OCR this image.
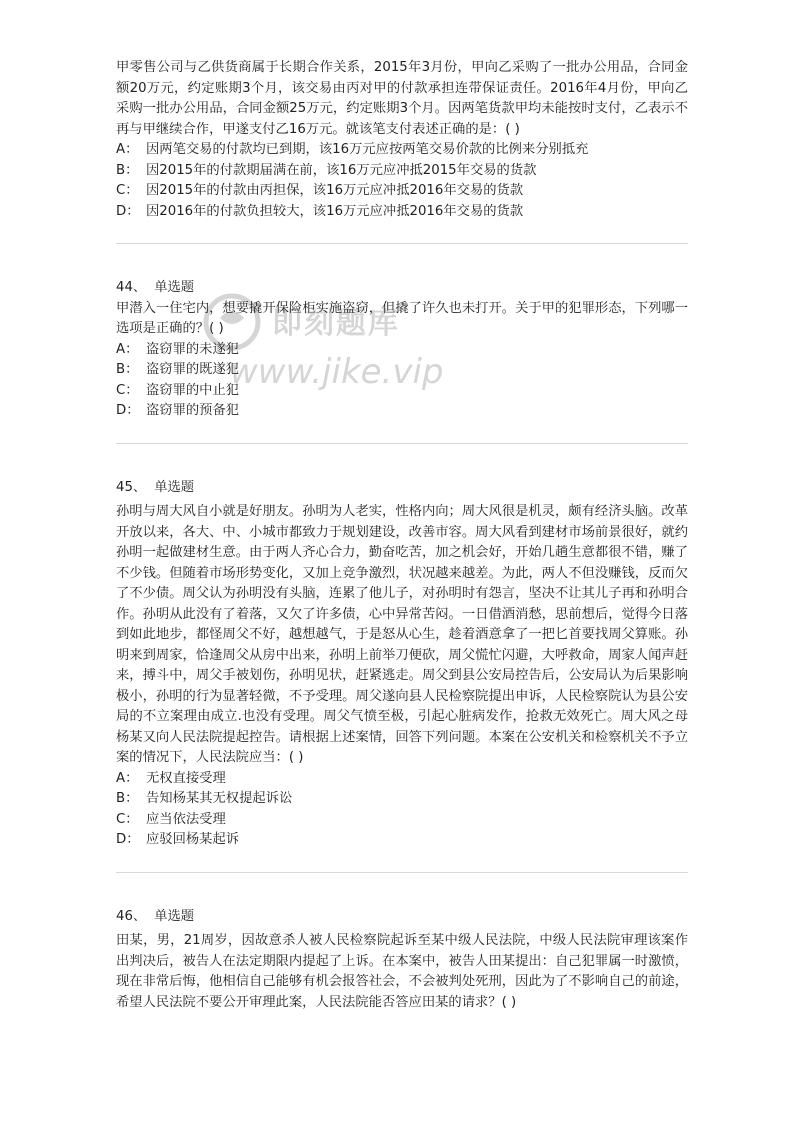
甲零售公司与乙供货商属于长期合作关系，2015年3月份，甲向乙采购了一批办公用品，合同金额20万元，约定账期3个月，该交易由丙对甲的付款承担连带保证责任。2016年4月份，甲向乙采购一批办公用品，合同金额25万元，约定账期3个月。因两笔货款甲均未能按时支付，乙表示不再与甲继续合作，甲遂支付乙16万元。就该笔支付表述正确的是：( )

A： 因两笔交易的付款均已到期，该16万元应按两笔交易价款的比例来分别抵充

B： 因2015年的付款期届满在前，该16万元应冲抵2015年交易的货款

C： 因2015年的付款由丙担保，该16万元应冲抵2016年交易的货款

D： 因2016年的付款负担较大，该16万元应冲抵2016年交易的货款

44、 单选题

甲潜入一住宅内，想要撬开保险柜实施盗窃，但撬了许久也未打开。关于甲的犯罪形态，下列哪一选项是正确的？( )

A： 盗窃罪的未遂犯

B： 盗窃罪的既遂犯

C： 盗窃罪的中止犯

D： 盗窃罪的预备犯

45、 单选题

孙明与周大风自小就是好朋友。孙明为人老实，性格内向；周大风很是机灵，颇有经济头脑。改革开放以来，各大、中、小城市都致力于规划建设，改善市容。周大风看到建材市场前景很好，就约孙明一起做建材生意。由于两人齐心合力，勤奋吃苦，加之机会好，开始几趟生意都很不错，赚了不少钱。但随着市场形势变化，又加上竞争激烈，状况越来越差。为此，两人不但没赚钱，反而欠了不少债。周父认为孙明没有头脑，连累了他儿子，对孙明时有怨言，坚决不让其儿子再和孙明合作。孙明从此没有了着落，又欠了许多债，心中异常苦闷。一日借酒消愁，思前想后，觉得今日落到如此地步，都怪周父不好，越想越气，于是怒从心生，趁着酒意拿了一把匕首要找周父算账。孙明来到周家，恰逢周父从房中出来，孙明上前举刀便砍，周父慌忙闪避，大呼救命，周家人闻声赶来，搏斗中，周父手被划伤，孙明见状，赶紧逃走。周父到县公安局控告后，公安局认为后果影响极小，孙明的行为显著轻微，不予受理。周父遂向县人民检察院提出申诉，人民检察院认为县公安局的不立案理由成立.也没有受理。周父气愤至极，引起心脏病发作，抢救无效死亡。周大风之母杨某又向人民法院提起控告。请根据上述案情，回答下列问题。本案在公安机关和检察机关不予立案的情况下，人民法院应当：( )

A： 无权直接受理

B： 告知杨某其无权提起诉讼

C： 应当依法受理

D： 应驳回杨某起诉

46、 单选题

田某，男，21周岁，因故意杀人被人民检察院起诉至某中级人民法院，中级人民法院审理该案作出判决后，被告人在法定期限内提起了上诉。在本案中，被告人田某提出：自己犯罪属一时激愤，现在非常后悔，他相信自己能够有机会报答社会，不会被判处死刑，因此为了不影响自己的前途，希望人民法院不要公开审理此案，人民法院能否答应田某的请求？( )

即刻题库
www.jike.vip
